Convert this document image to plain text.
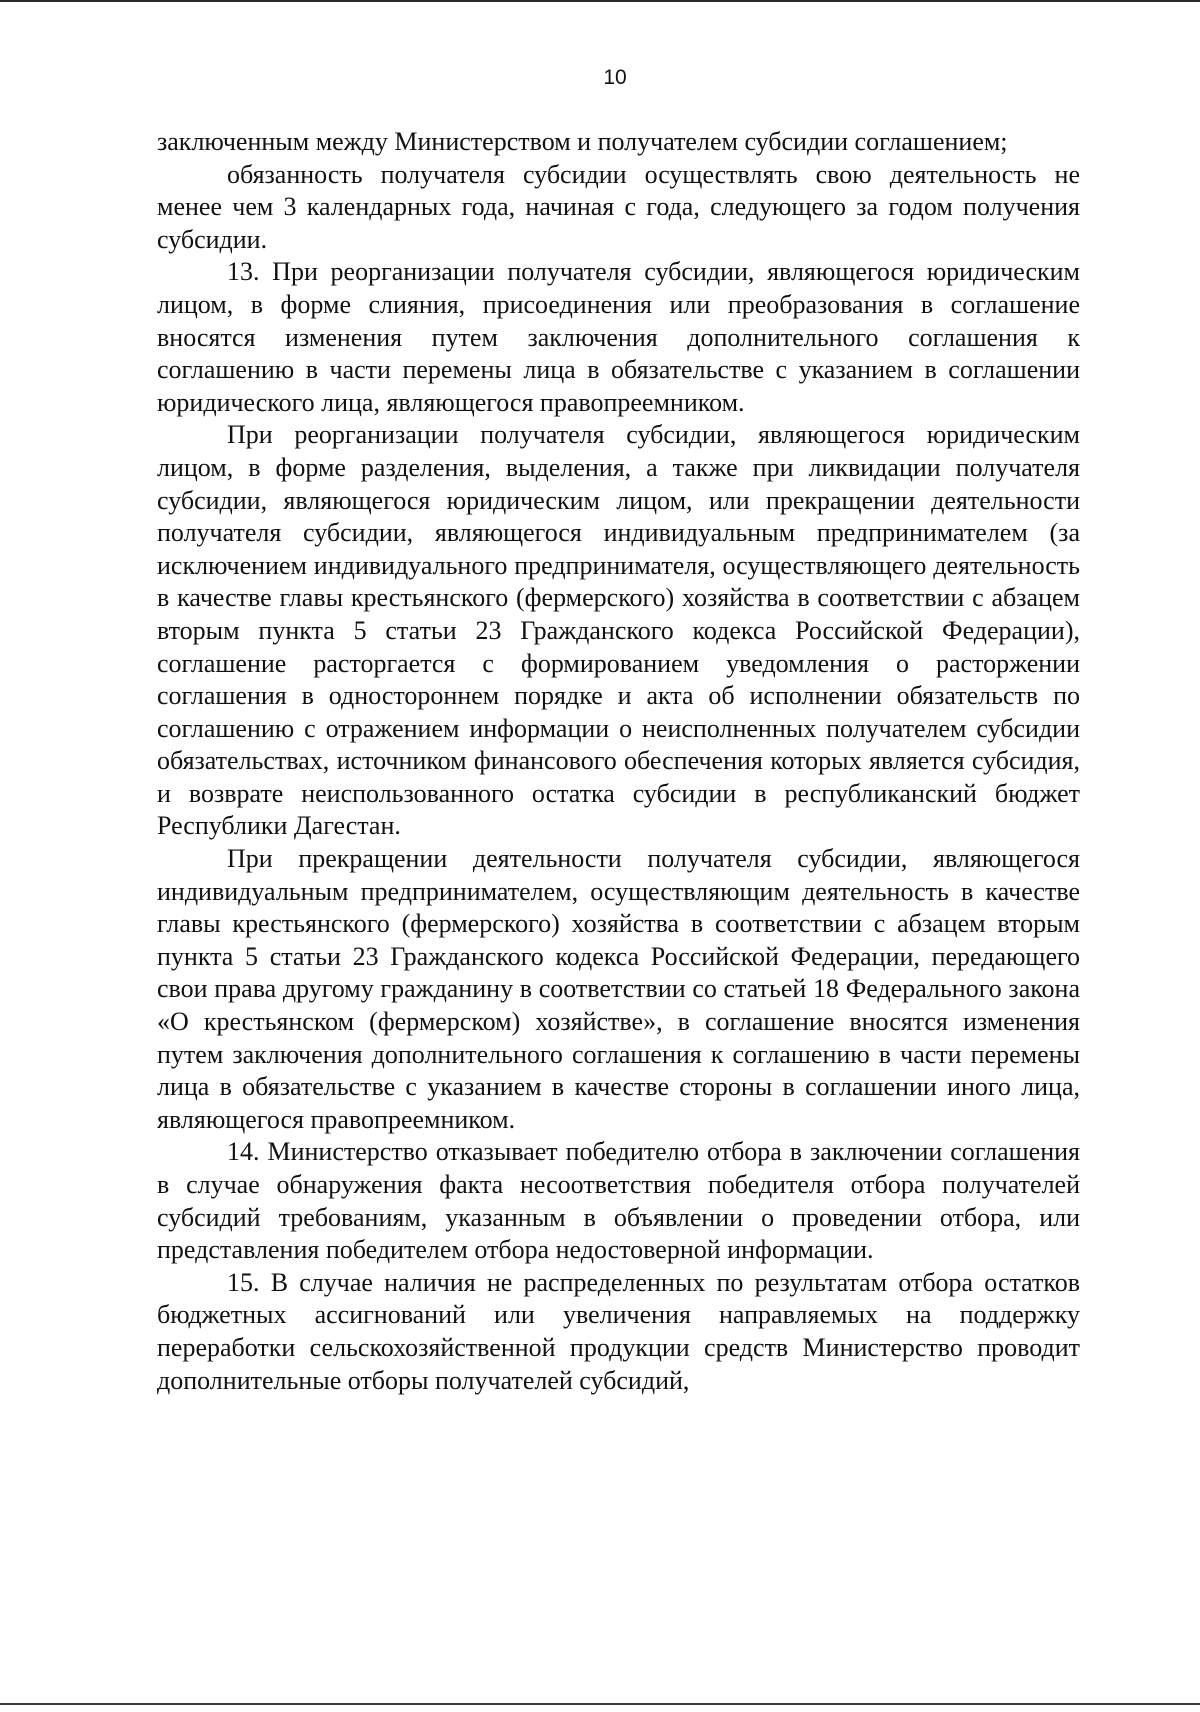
10

заключенным между Министерством и получателем субсидии соглашением;

обязанность получателя субсидии осуществлять свою деятельность не менее чем 3 календарных года, начиная с года, следующего за годом получения субсидии.

13. При реорганизации получателя субсидии, являющегося юридическим лицом, в форме слияния, присоединения или преобразования в соглашение вносятся изменения путем заключения дополнительного соглашения к соглашению в части перемены лица в обязательстве с указанием в соглашении юридического лица, являющегося правопреемником.

При реорганизации получателя субсидии, являющегося юридическим лицом, в форме разделения, выделения, а также при ликвидации получателя субсидии, являющегося юридическим лицом, или прекращении деятельности получателя субсидии, являющегося индивидуальным предпринимателем (за исключением индивидуального предпринимателя, осуществляющего деятельность в качестве главы крестьянского (фермерского) хозяйства в соответствии с абзацем вторым пункта 5 статьи 23 Гражданского кодекса Российской Федерации), соглашение расторгается с формированием уведомления о расторжении соглашения в одностороннем порядке и акта об исполнении обязательств по соглашению с отражением информации о неисполненных получателем субсидии обязательствах, источником финансового обеспечения которых является субсидия, и возврате неиспользованного остатка субсидии в республиканский бюджет Республики Дагестан.

При прекращении деятельности получателя субсидии, являющегося индивидуальным предпринимателем, осуществляющим деятельность в качестве главы крестьянского (фермерского) хозяйства в соответствии с абзацем вторым пункта 5 статьи 23 Гражданского кодекса Российской Федерации, передающего свои права другому гражданину в соответствии со статьей 18 Федерального закона «О крестьянском (фермерском) хозяйстве», в соглашение вносятся изменения путем заключения дополнительного соглашения к соглашению в части перемены лица в обязательстве с указанием в качестве стороны в соглашении иного лица, являющегося правопреемником.

14. Министерство отказывает победителю отбора в заключении соглашения в случае обнаружения факта несоответствия победителя отбора получателей субсидий требованиям, указанным в объявлении о проведении отбора, или представления победителем отбора недостоверной информации.

15. В случае наличия не распределенных по результатам отбора остатков бюджетных ассигнований или увеличения направляемых на поддержку переработки сельскохозяйственной продукции средств Министерство проводит дополнительные отборы получателей субсидий,
